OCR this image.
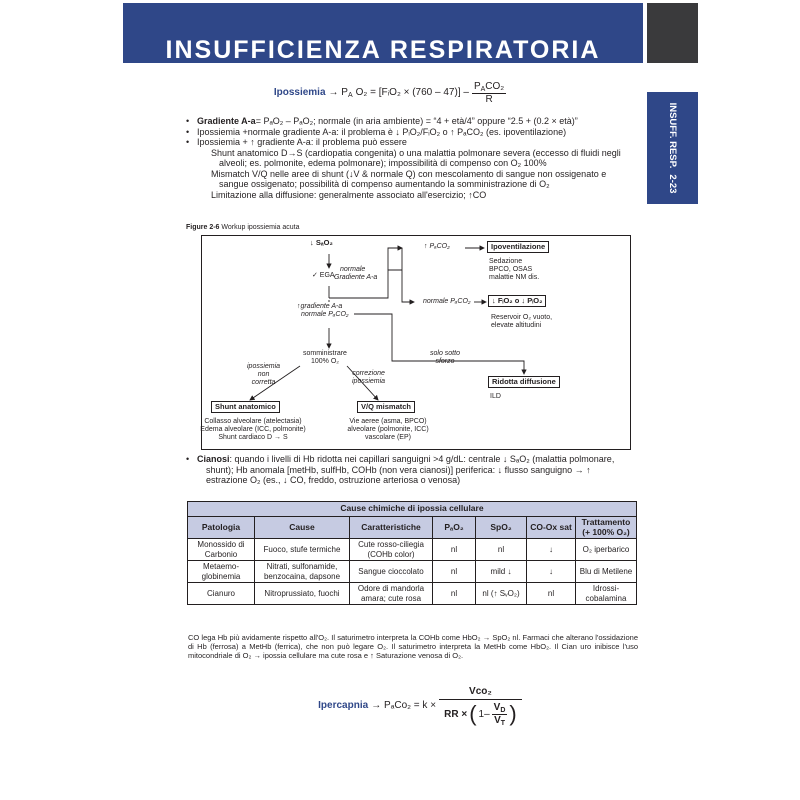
INSUFFICIENZA RESPIRATORIA
INSUFF. RESP.
2-23
Ipossiemia → $P_A$ O₂ = [FᵢO₂ × $(760 - 47)] - \frac{P_ACO_2}{R}$
• Gradiente A-a= PₐO₂ – PₐO₂; normale (in aria ambiente) = “4 + età/4” oppure “2.5 + (0.2 × età)”
• Ipossiemia +normale gradiente A-a: il problema è ↓ PᵢO₂/FᵢO₂ o ↑ PₐCO₂ (es. ipoventilazione)
• Ipossiemia + ↑ gradiente A-a: il problema può essere
Shunt anatomico D→S (cardiopatia congenita) o una malattia polmonare severa (eccesso di fluidi negli
alveoli; es. polmonite, edema polmonare); impossibilità di compenso con O₂ 100%
Mismatch V/Q nelle aree di shunt (↓V & normale Q) con mescolamento di sangue non ossigenato e
sangue ossigenato; possibilità di compenso aumentando la somministrazione di O₂
Limitazione alla diffusione: generalmente associato all'esercizio; ↑CO
Figure 2-6 Workup ipossiemia acuta
↓ SₐO₂
✓ EGA
normale
Gradiente A-a
↑ PₐCO₂	Ipoventilazione
Sedazione
BPCO, OSAS
malattie NM dis.
normale PₐCO₂	↓ FᵢO₂ o ↓ PᵢO₂
Reservoir O₂ vuoto,
elevate altitudini
↑gradiente A-a
normale PₐCO₂
somministrare
100% O₂
ipossiemia
non
corretta
correzione
ipossiemia
solo sotto
sforzo
Ridotta diffusione
ILD
Shunt anatomico
Collasso alveolare (atelectasia)
Edema alveolare (ICC, polmonite)
Shunt cardiaco D → S
V/Q mismatch
Vie aeree (asma, BPCO)
alveolare (polmonite, ICC)
vascolare (EP)
• Cianosi: quando i livelli di Hb ridotta nei capillari sanguigni >4 g/dL: centrale ↓ SₐO₂ (malattia polmonare,
shunt); Hb anomala [metHb, sulfHb, COHb (non vera cianosi)] periferica: ↓ flusso sanguigno → ↑
estrazione O₂ (es., ↓ CO, freddo, ostruzione arteriosa o venosa)
Cause chimiche di ipossia cellulare						
Patologia	Cause	Caratteristiche	PₐO₂	SpO₂	CO-Ox sat	Trattamento (+ 100% O₂)
Monossido di Carbonio	Fuoco, stufe termiche	Cute rosso-ciliegia (COHb color)	nl	nl	↓	O₂ iperbarico
Metaemo-globinemia	Nitrati, sulfonamide, benzocaina, dapsone	Sangue cioccolato	nl	mild ↓	↓	Blu di Metilene
Cianuro	Nitroprussiato, fuochi	Odore di mandorla amara; cute rosa	nl	nl (↑ SᵥO₂)	nl	Idrossi-cobalamina
CO lega Hb più avidamente rispetto all'O₂. Il saturimetro interpreta la COHb come HbO₂ → SpO₂ nl. Farmaci che alterano l'ossidazione di Hb (ferrosa) a MetHb (ferrica), che non può legare O₂. Il saturimetro interpreta la MetHb come HbO₂. Il Cian uro inibisce l'uso mitocondriale di O₂ → ipossia cellulare ma cute rosa e ↑ Saturazione venosa di O₂.
Ipercapnia → PₐCo₂ = k ×
Vco₂
RR × ( $1- \frac{V_D}{V_T}$ )
